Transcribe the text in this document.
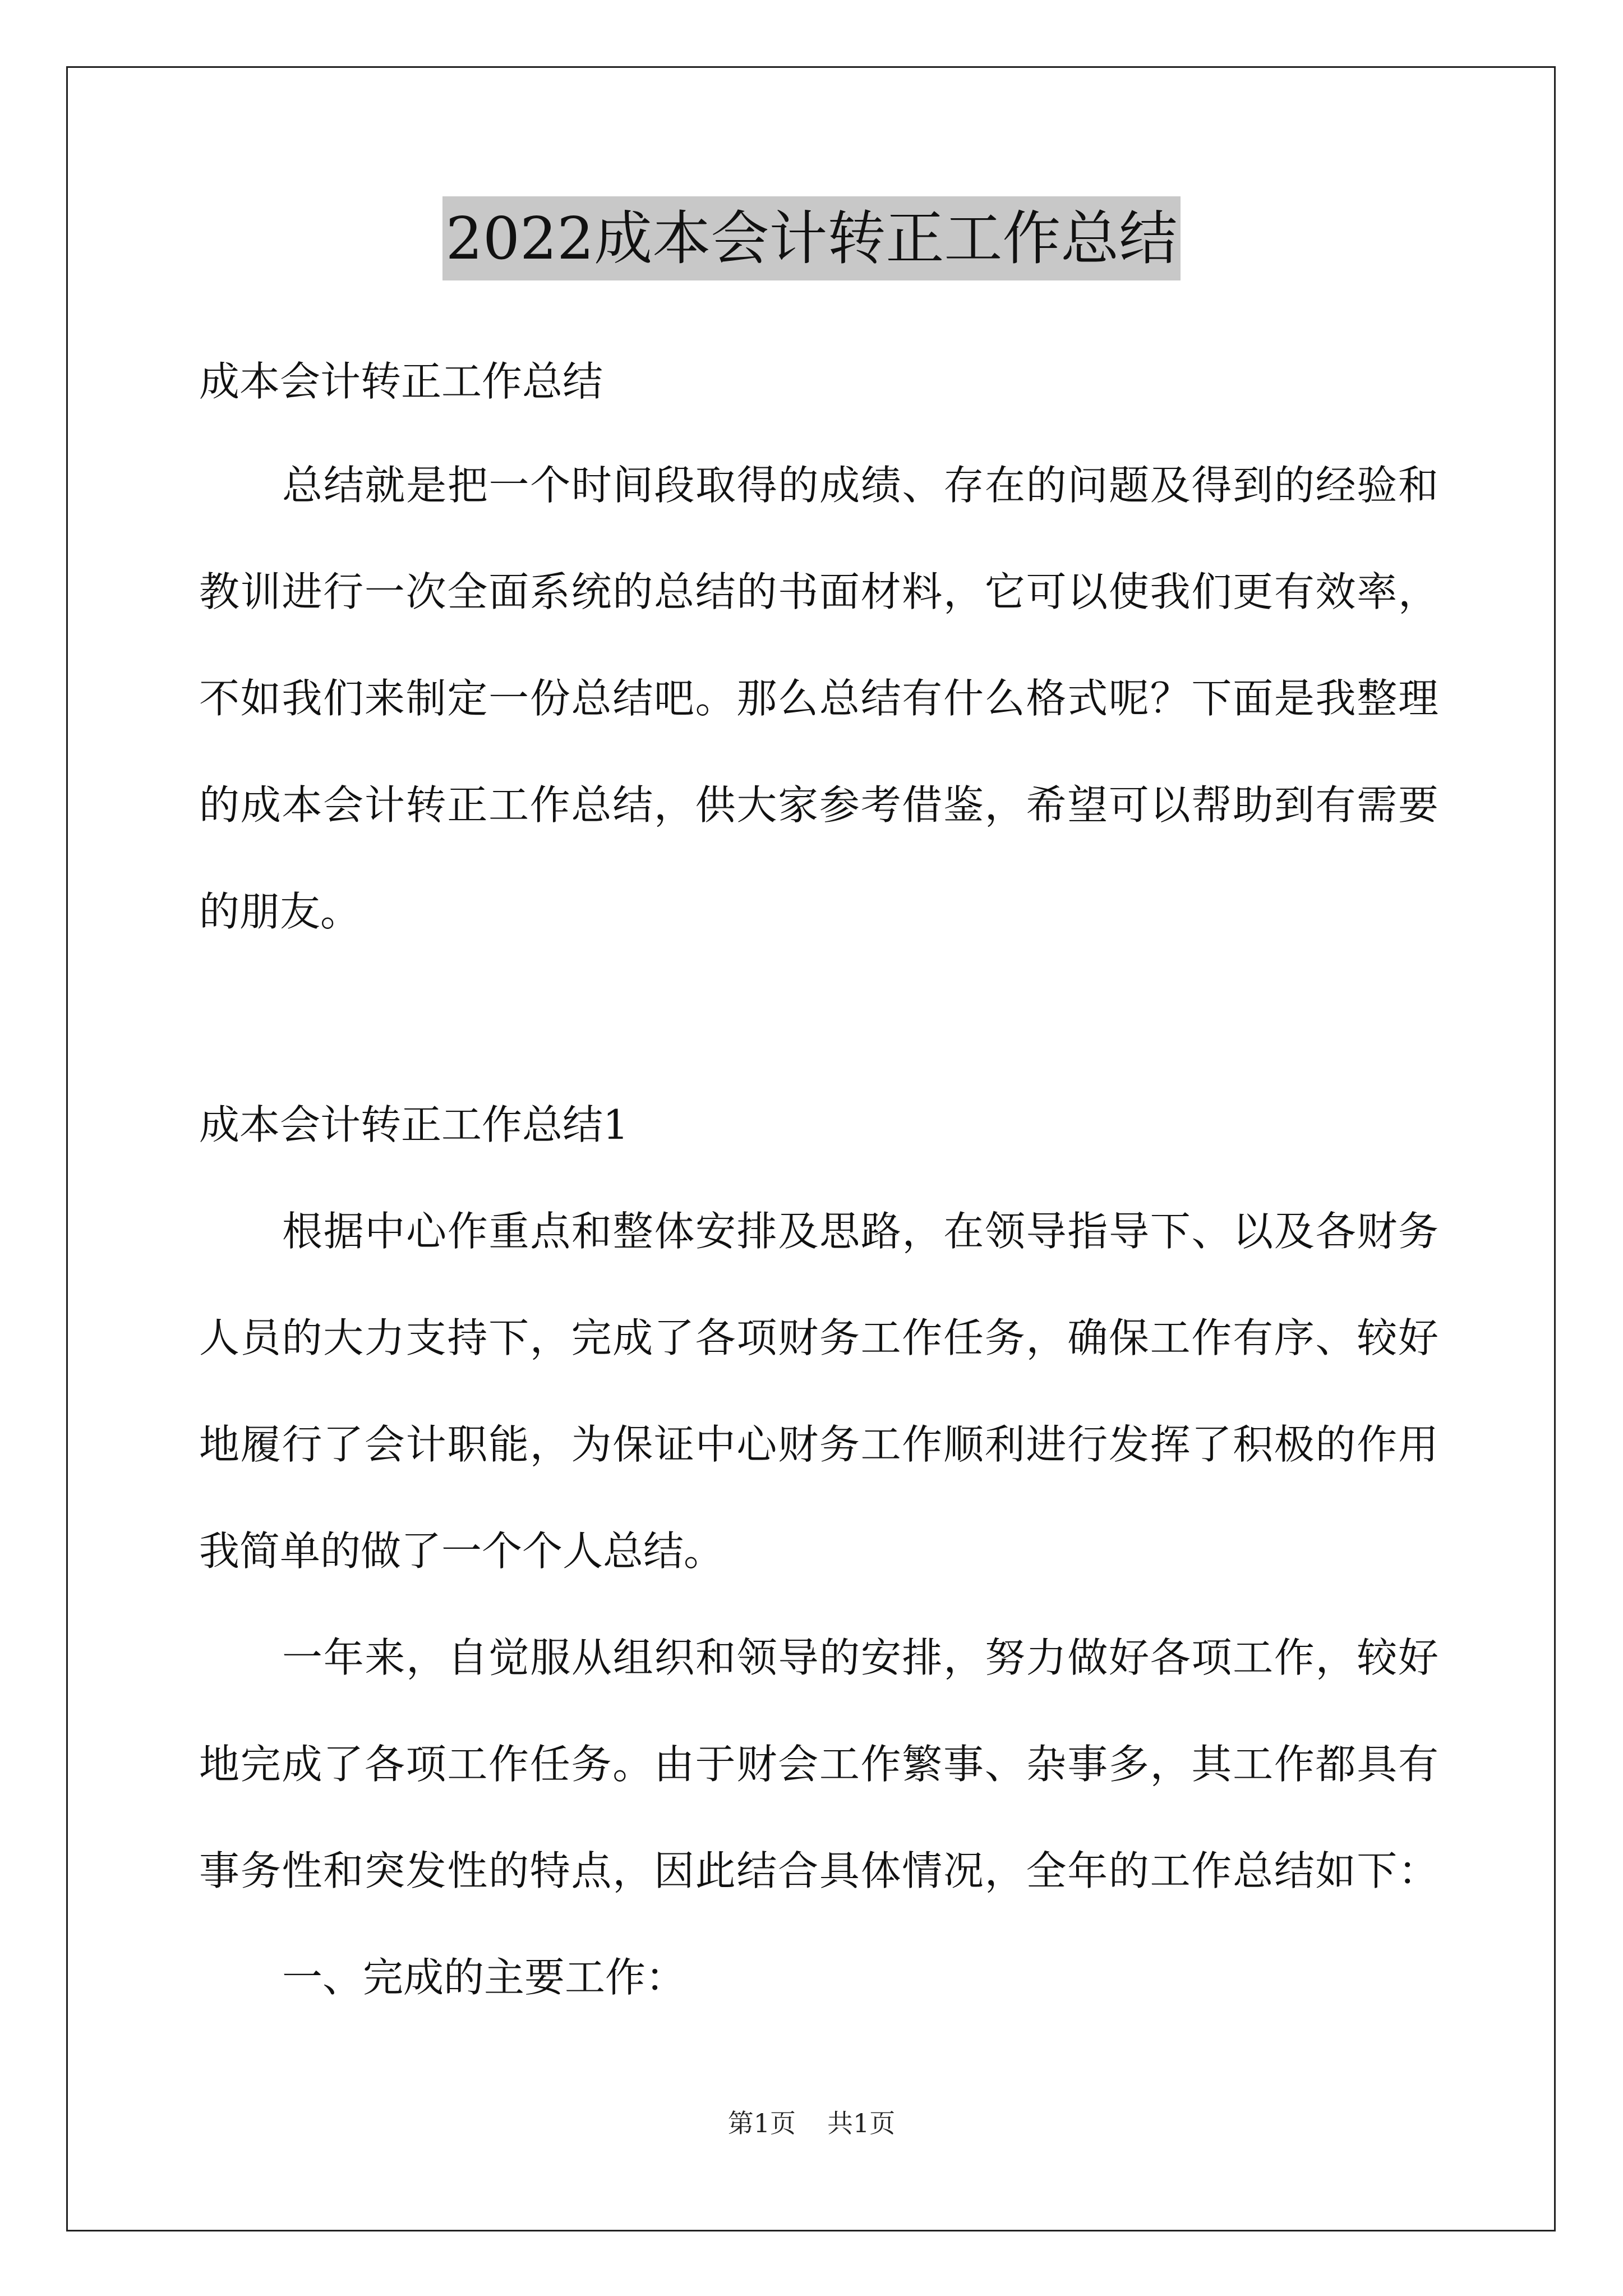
2022成本会计转正工作总结
成本会计转正工作总结
总结就是把一个时间段取得的成绩、存在的问题及得到的经验和
教训进行一次全面系统的总结的书面材料，它可以使我们更有效率，
不如我们来制定一份总结吧。那么总结有什么格式呢？下面是我整理
的成本会计转正工作总结，供大家参考借鉴，希望可以帮助到有需要
的朋友。
成本会计转正工作总结1
根据中心作重点和整体安排及思路，在领导指导下、以及各财务
人员的大力支持下，完成了各项财务工作任务，确保工作有序、较好
地履行了会计职能，为保证中心财务工作顺利进行发挥了积极的作用
我简单的做了一个个人总结。
一年来，自觉服从组织和领导的安排，努力做好各项工作，较好
地完成了各项工作任务。由于财会工作繁事、杂事多，其工作都具有
事务性和突发性的特点，因此结合具体情况，全年的工作总结如下：
一、完成的主要工作：
第1页 共1页
